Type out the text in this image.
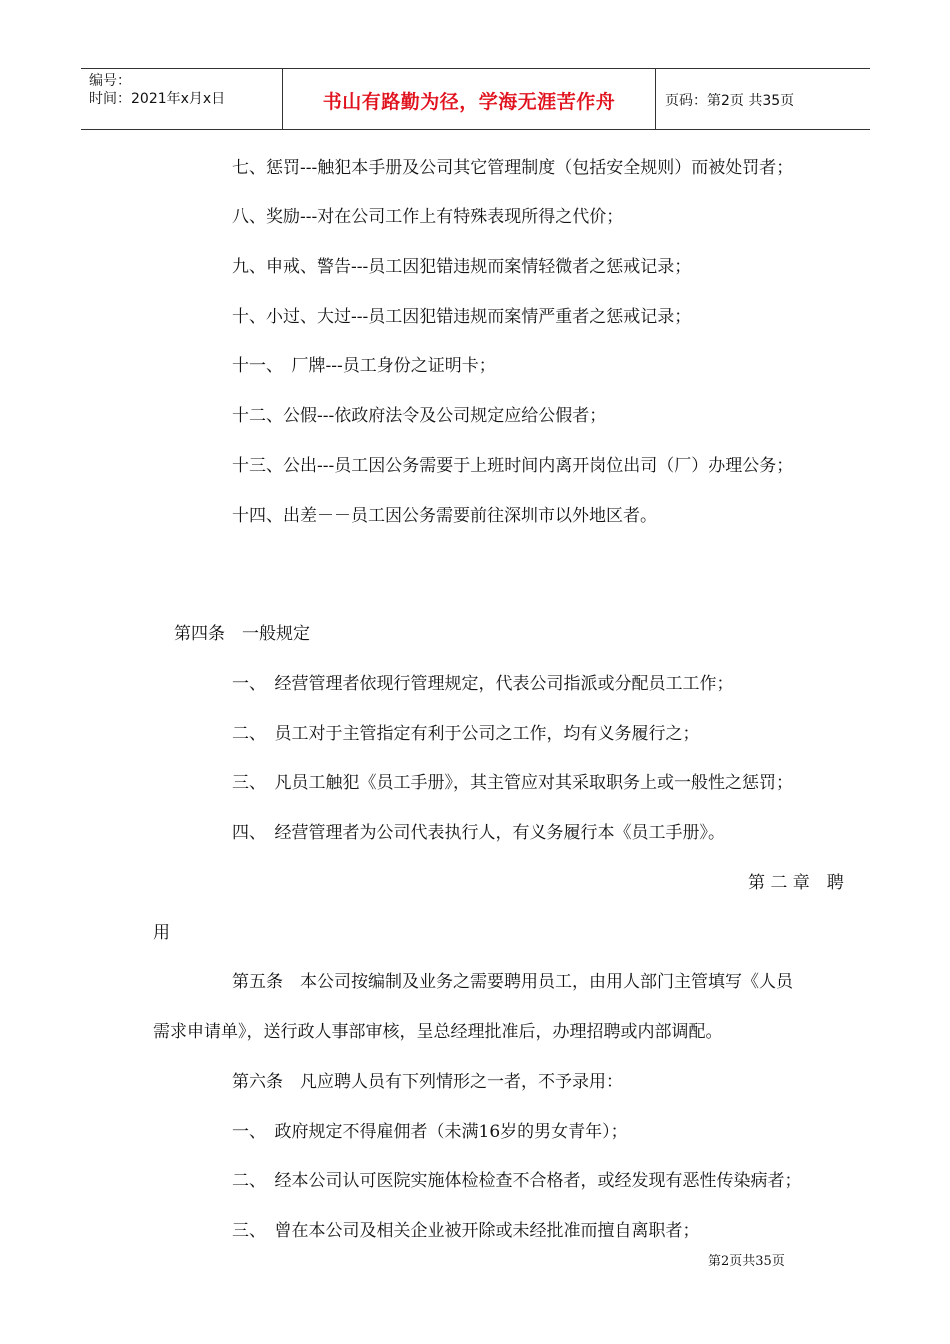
编号：
时间：2021年x月x日	书山有路勤为径，学海无涯苦作舟	页码：第2页 共35页
七、惩罚---触犯本手册及公司其它管理制度（包括安全规则）而被处罚者；
八、奖励---对在公司工作上有特殊表现所得之代价；
九、申戒、警告---员工因犯错违规而案情轻微者之惩戒记录；
十、小过、大过---员工因犯错违规而案情严重者之惩戒记录；
十一、　厂牌---员工身份之证明卡；
十二、公假---依政府法令及公司规定应给公假者；
十三、公出---员工因公务需要于上班时间内离开岗位出司（厂）办理公务；
十四、出差－－员工因公务需要前往深圳市以外地区者。
第四条　一般规定
一、　经营管理者依现行管理规定，代表公司指派或分配员工工作；
二、　员工对于主管指定有利于公司之工作，均有义务履行之；
三、　凡员工触犯《员工手册》，其主管应对其采取职务上或一般性之惩罚；
四、　经营管理者为公司代表执行人，有义务履行本《员工手册》。
第 二 章　聘
用
第五条　本公司按编制及业务之需要聘用员工，由用人部门主管填写《人员
需求申请单》，送行政人事部审核，呈总经理批准后，办理招聘或内部调配。
第六条　凡应聘人员有下列情形之一者，不予录用：
一、　政府规定不得雇佣者（未满16岁的男女青年）；
二、　经本公司认可医院实施体检检查不合格者，或经发现有恶性传染病者；
三、　曾在本公司及相关企业被开除或未经批准而擅自离职者；
第2页共35页
